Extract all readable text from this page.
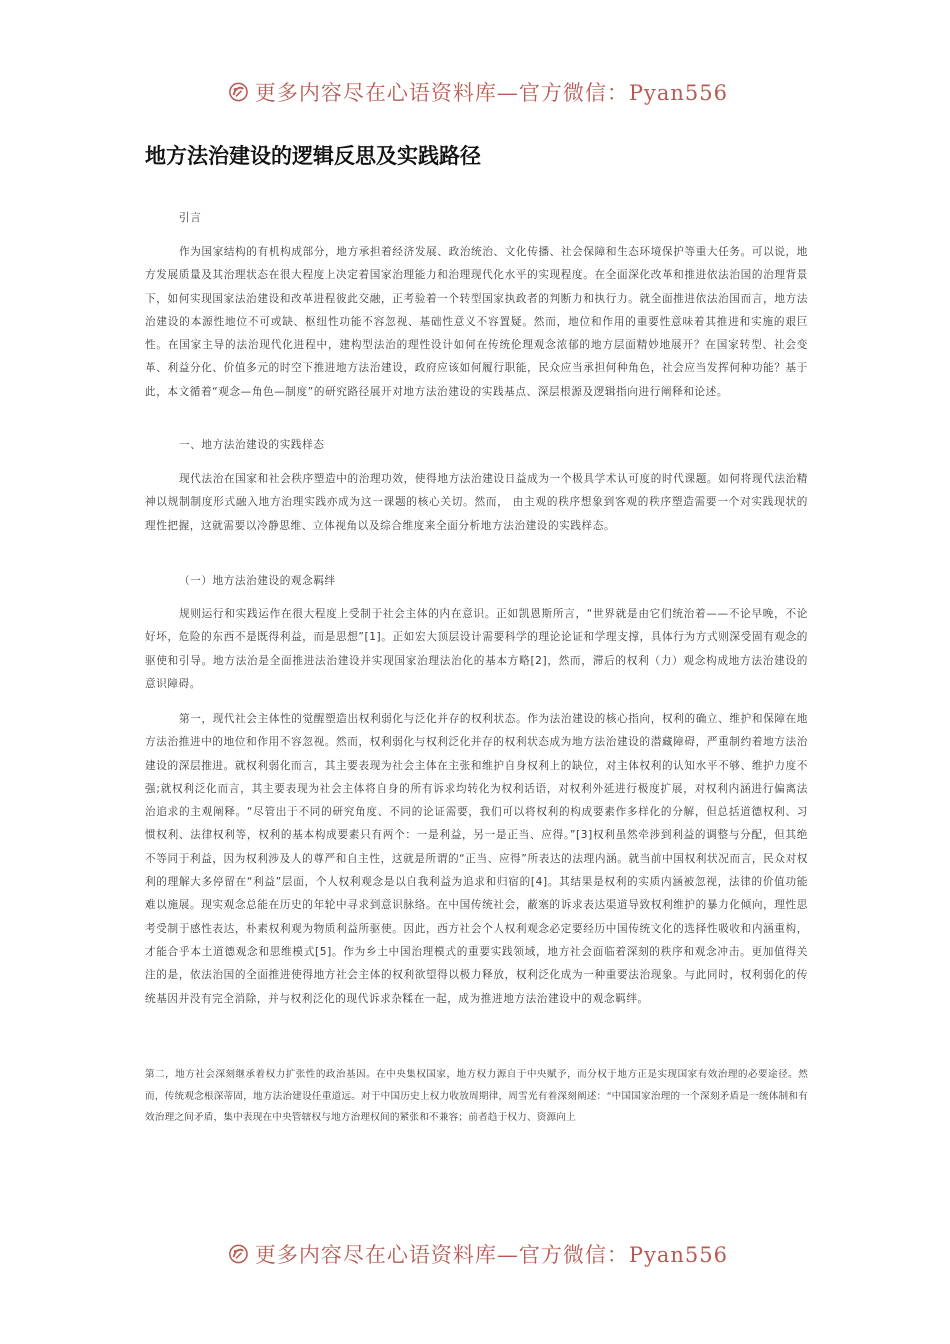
更多内容尽在心语资料库—官方微信：Pyan556
地方法治建设的逻辑反思及实践路径

引言

作为国家结构的有机构成部分，地方承担着经济发展、政治统治、文化传播、社会保障和生态环境保护等重大任务。可以说，地方发展质量及其治理状态在很大程度上决定着国家治理能力和治理现代化水平的实现程度。在全面深化改革和推进依法治国的治理背景下，如何实现国家法治建设和改革进程彼此交融，正考验着一个转型国家执政者的判断力和执行力。就全面推进依法治国而言，地方法治建设的本源性地位不可或缺、枢纽性功能不容忽视、基础性意义不容置疑。然而，地位和作用的重要性意味着其推进和实施的艰巨性。在国家主导的法治现代化进程中，建构型法治的理性设计如何在传统伦理观念浓郁的地方层面精妙地展开？在国家转型、社会变革、利益分化、价值多元的时空下推进地方法治建设，政府应该如何履行职能，民众应当承担何种角色，社会应当发挥何种功能？基于此，本文循着“观念—角色—制度”的研究路径展开对地方法治建设的实践基点、深层根源及逻辑指向进行阐释和论述。

一、地方法治建设的实践样态

现代法治在国家和社会秩序塑造中的治理功效，使得地方法治建设日益成为一个极具学术认可度的时代课题。如何将现代法治精神以规制制度形式融入地方治理实践亦成为这一课题的核心关切。然而， 由主观的秩序想象到客观的秩序塑造需要一个对实践现状的理性把握，这就需要以冷静思维、立体视角以及综合维度来全面分析地方法治建设的实践样态。

（一）地方法治建设的观念羁绊

规则运行和实践运作在很大程度上受制于社会主体的内在意识。正如凯恩斯所言，“世界就是由它们统治着——不论早晚，不论好坏，危险的东西不是既得利益，而是思想”[1]。正如宏大顶层设计需要科学的理论论证和学理支撑，具体行为方式则深受固有观念的驱使和引导。地方法治是全面推进法治建设并实现国家治理法治化的基本方略[2]，然而，滞后的权利（力）观念构成地方法治建设的意识障碍。

第一，现代社会主体性的觉醒塑造出权利弱化与泛化并存的权利状态。作为法治建设的核心指向，权利的确立、维护和保障在地方法治推进中的地位和作用不容忽视。然而，权利弱化与权利泛化并存的权利状态成为地方法治建设的潜藏障碍，严重制约着地方法治建设的深层推进。就权利弱化而言，其主要表现为社会主体在主张和维护自身权利上的缺位，对主体权利的认知水平不够、维护力度不强;就权利泛化而言，其主要表现为社会主体将自身的所有诉求均转化为权利话语，对权利外延进行极度扩展，对权利内涵进行偏离法治追求的主观阐释。“尽管出于不同的研究角度、不同的论证需要，我们可以将权利的构成要素作多样化的分解，但总括道德权利、习惯权利、法律权利等，权利的基本构成要素只有两个：一是利益，另一是正当、应得。”[3]权利虽然牵涉到利益的调整与分配，但其绝不等同于利益，因为权利涉及人的尊严和自主性，这就是所谓的“正当、应得”所表达的法理内涵。就当前中国权利状况而言，民众对权利的理解大多停留在“利益”层面，个人权利观念是以自我利益为追求和归宿的[4]。其结果是权利的实质内涵被忽视，法律的价值功能难以施展。现实观念总能在历史的年轮中寻求到意识脉络。在中国传统社会，蔽塞的诉求表达渠道导致权利维护的暴力化倾向，理性思考受制于感性表达，朴素权利观为物质利益所驱使。因此，西方社会个人权利观念必定要经历中国传统文化的选择性吸收和内涵重构，才能合乎本土道德观念和思维模式[5]。作为乡土中国治理模式的重要实践领域，地方社会面临着深刻的秩序和观念冲击。更加值得关注的是，依法治国的全面推进使得地方社会主体的权利欲望得以极力释放，权利泛化成为一种重要法治现象。与此同时，权利弱化的传统基因并没有完全消除，并与权利泛化的现代诉求杂糅在一起，成为推进地方法治建设中的观念羁绊。

第二，地方社会深刻继承着权力扩张性的政治基因。在中央集权国家，地方权力源自于中央赋予，而分权于地方正是实现国家有效治理的必要途径。然而，传统观念根深蒂固，地方法治建设任重道远。对于中国历史上权力收放周期律，周雪光有着深刻阐述：“中国国家治理的一个深刻矛盾是一统体制和有效治理之间矛盾，集中表现在中央管辖权与地方治理权间的紧张和不兼容；前者趋于权力、资源向上

更多内容尽在心语资料库—官方微信：Pyan556
